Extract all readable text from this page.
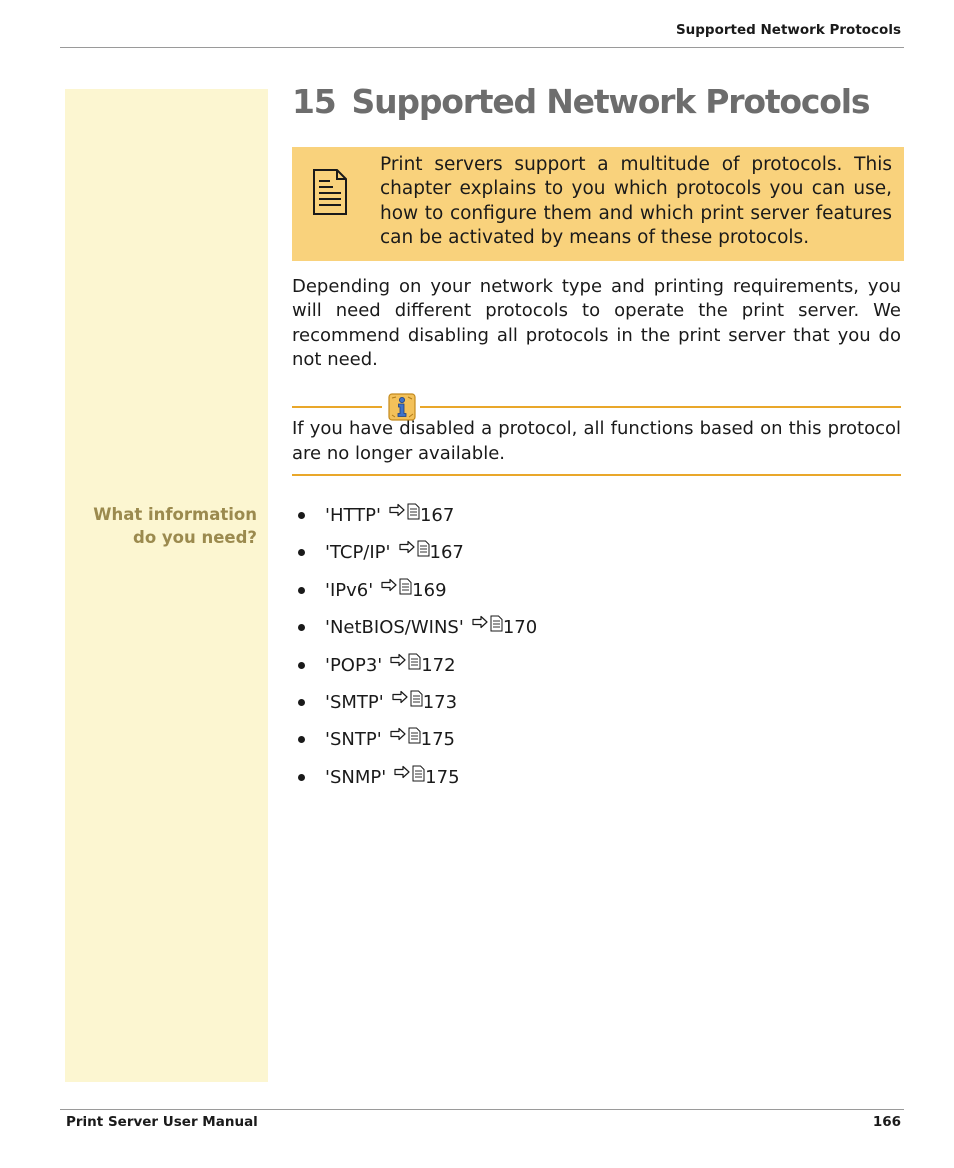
Supported Network Protocols
What information do you need?
15 Supported Network Protocols
Print servers support a multitude of protocols. This chapter explains to you which protocols you can use, how to configure them and which print server features can be activated by means of these protocols.

Depending on your network type and printing requirements, you will need different protocols to operate the print server. We recommend disabling all protocols in the print server that you do not need.

If you have disabled a protocol, all functions based on this protocol are no longer available.

'HTTP' 167
'TCP/IP' 167
'IPv6' 169
'NetBIOS/WINS' 170
'POP3' 172
'SMTP' 173
'SNTP' 175
'SNMP' 175
Print Server User Manual	166
